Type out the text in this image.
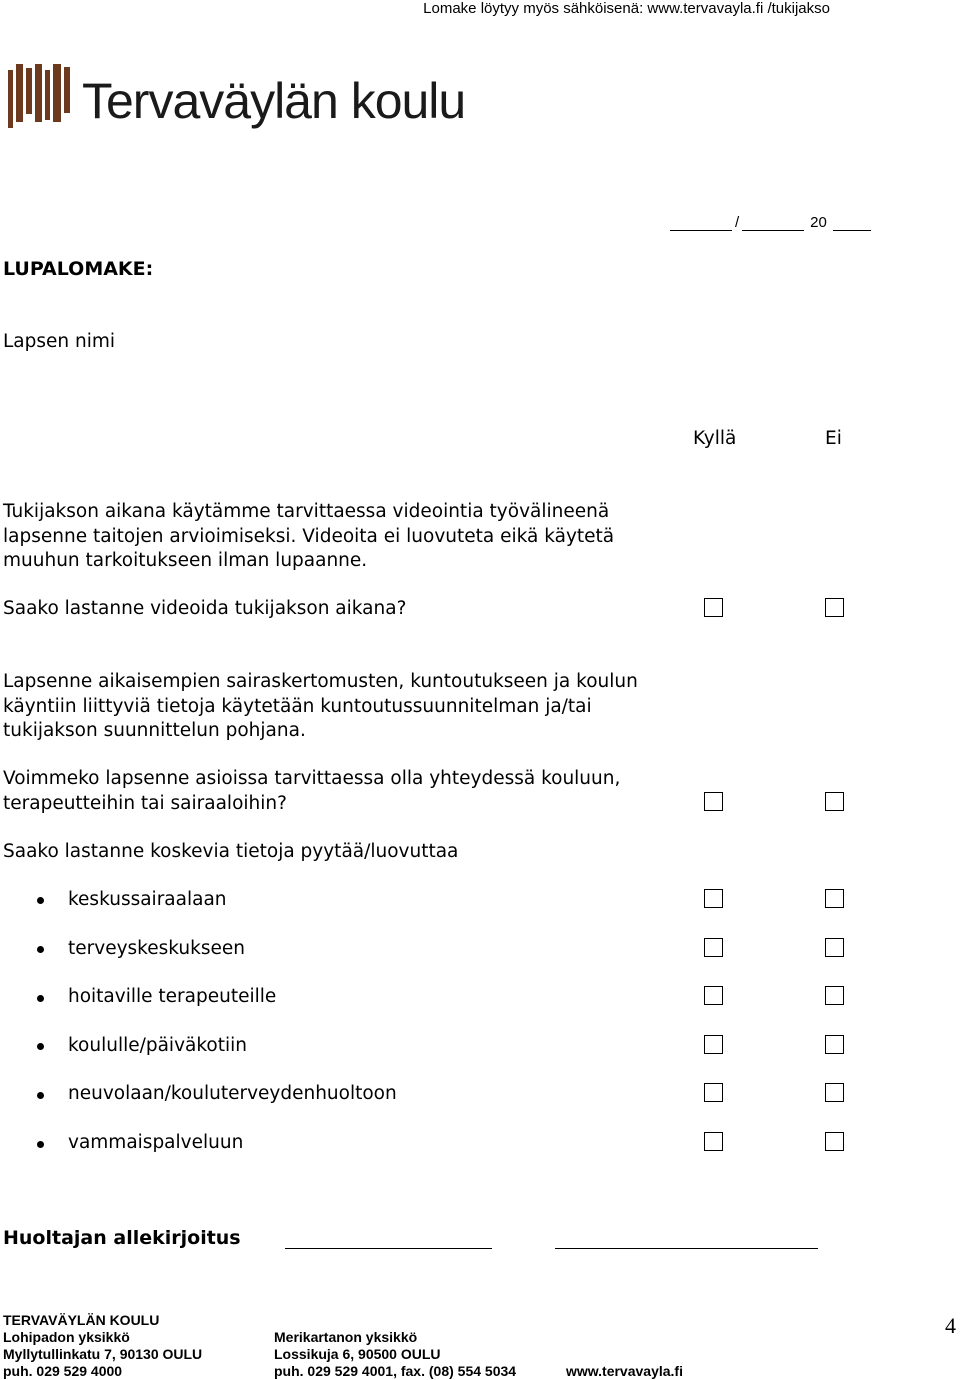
Lomake löytyy myös sähköisenä: www.tervavayla.fi /tukijakso
Tervaväylän koulu
/	20
LUPALOMAKE:
Lapsen nimi
Kyllä	Ei
Tukijakson aikana käytämme tarvittaessa videointia työvälineenä
lapsenne taitojen arvioimiseksi. Videoita ei luovuteta eikä käytetä
muuhun tarkoitukseen ilman lupaanne.
Saako lastanne videoida tukijakson aikana?
Lapsenne aikaisempien sairaskertomusten, kuntoutukseen ja koulun
käyntiin liittyviä tietoja käytetään kuntoutussuunnitelman ja/tai
tukijakson suunnittelun pohjana.
Voimmeko lapsenne asioissa tarvittaessa olla yhteydessä kouluun,
terapeutteihin tai sairaaloihin?
Saako lastanne koskevia tietoja pyytää/luovuttaa
keskussairaalaan
terveyskeskukseen
hoitaville terapeuteille
koululle/päiväkotiin
neuvolaan/kouluterveydenhuoltoon
vammaispalveluun
Huoltajan allekirjoitus
TERVAVÄYLÄN KOULU
Lohipadon yksikkö
Myllytullinkatu 7, 90130 OULU
puh. 029 529 4000
Merikartanon yksikkö
Lossikuja 6, 90500 OULU
puh. 029 529 4001, fax. (08) 554 5034	www.tervavayla.fi
4
